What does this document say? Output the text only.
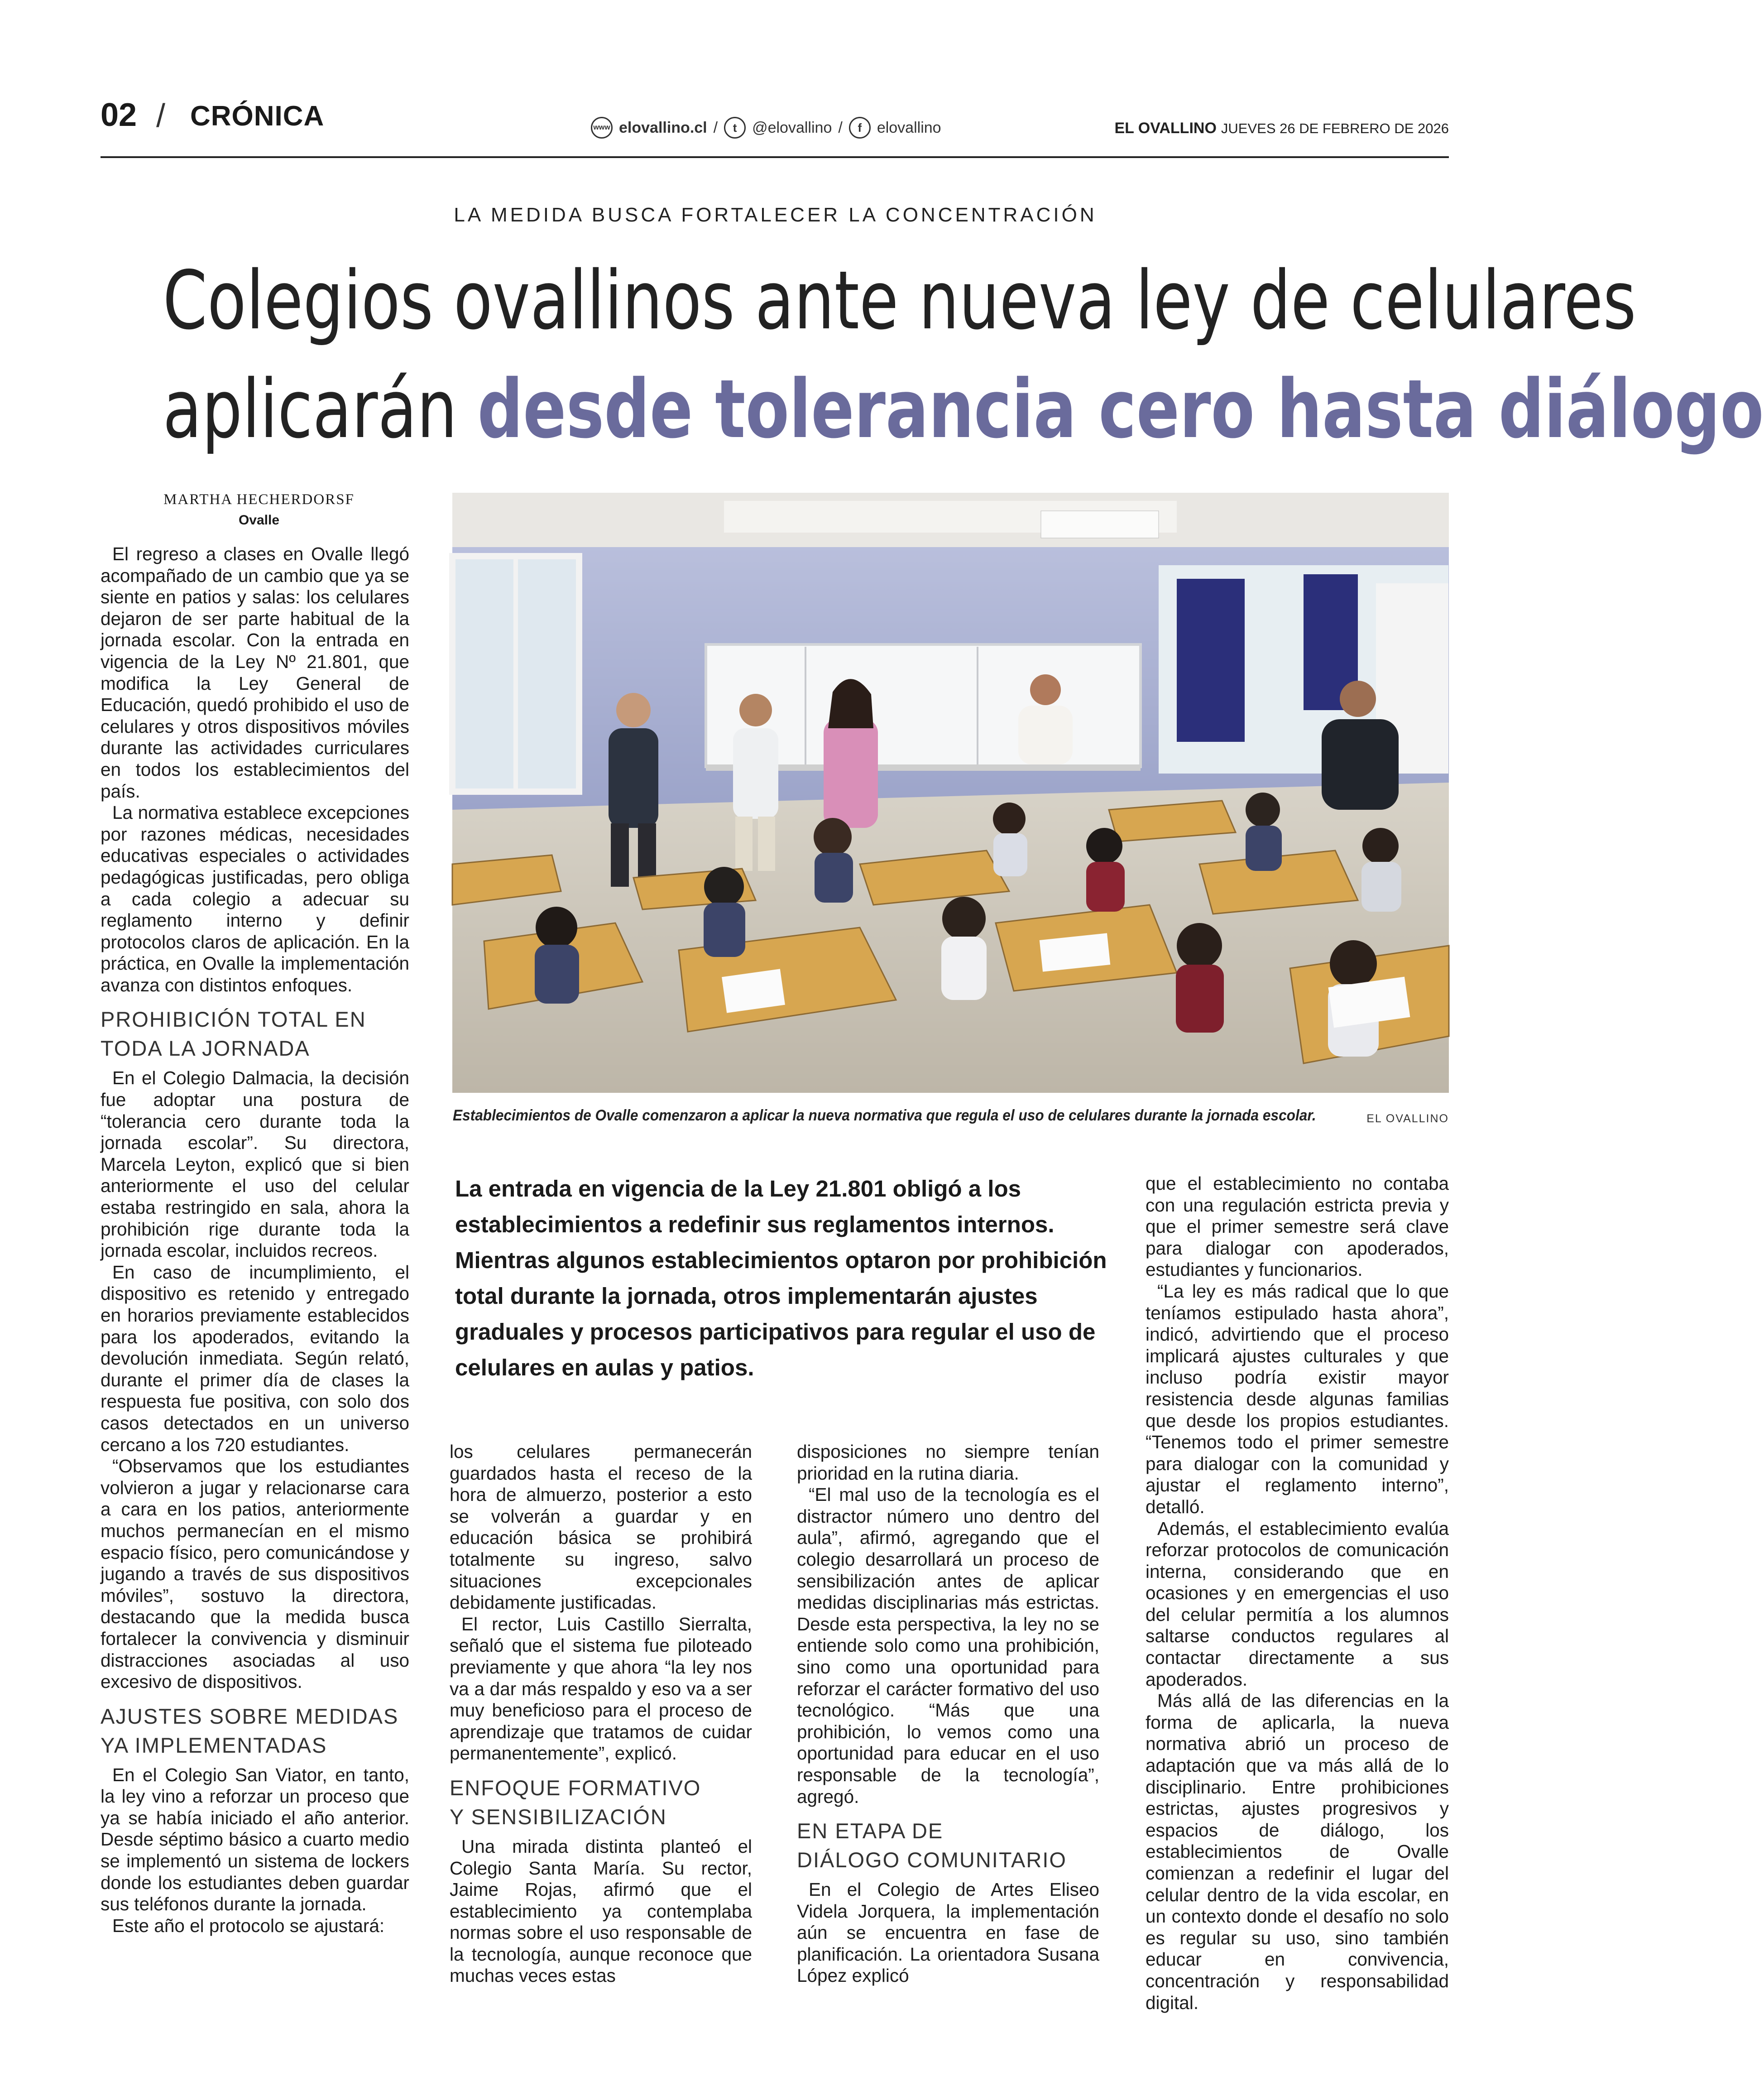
02 / CRÓNICA	www elovallino.cl /	t @elovallino /	f elovallino	EL OVALLINO JUEVES 26 DE FEBRERO DE 2026
LA MEDIDA BUSCA FORTALECER LA CONCENTRACIÓN
Colegios ovallinos ante nueva ley de celulares
aplicarán desde tolerancia cero hasta diálogo
MARTHA HECHERDORSF
Ovalle
Establecimientos de Ovalle comenzaron a aplicar la nueva normativa que regula el uso de celulares durante la jornada escolar.	EL OVALLINO

El regreso a clases en Ovalle llegó acompañado de un cambio que ya se siente en patios y salas: los celulares dejaron de ser parte habitual de la jornada escolar. Con la entrada en vigencia de la Ley Nº 21.801, que modifica la Ley General de Educación, quedó prohibido el uso de celulares y otros dispositivos móviles durante las actividades curriculares en todos los establecimientos del país.

La normativa establece excepciones por razones médicas, necesidades educativas especiales o actividades pedagógicas justificadas, pero obliga a cada colegio a adecuar su reglamento interno y definir protocolos claros de aplicación. En la práctica, en Ovalle la implementación avanza con distintos enfoques.

PROHIBICIÓN TOTAL EN
TODA LA JORNADA

En el Colegio Dalmacia, la decisión fue adoptar una postura de “tolerancia cero durante toda la jornada escolar”. Su directora, Marcela Leyton, explicó que si bien anteriormente el uso del celular estaba restringido en sala, ahora la prohibición rige durante toda la jornada escolar, incluidos recreos.

En caso de incumplimiento, el dispositivo es retenido y entregado en horarios previamente establecidos para los apoderados, evitando la devolución inmediata. Según relató, durante el primer día de clases la respuesta fue positiva, con solo dos casos detectados en un universo cercano a los 720 estudiantes.

“Observamos que los estudiantes volvieron a jugar y relacionarse cara a cara en los patios, anteriormente muchos permanecían en el mismo espacio físico, pero comunicándose y jugando a través de sus dispositivos móviles”, sostuvo la directora, destacando que la medida busca fortalecer la convivencia y disminuir distracciones asociadas al uso excesivo de dispositivos.

AJUSTES SOBRE MEDIDAS
YA IMPLEMENTADAS

En el Colegio San Viator, en tanto, la ley vino a reforzar un proceso que ya se había iniciado el año anterior. Desde séptimo básico a cuarto medio se implementó un sistema de lockers donde los estudiantes deben guardar sus teléfonos durante la jornada.

Este año el protocolo se ajustará:

La entrada en vigencia de la Ley 21.801 obligó a los establecimientos a redefinir sus reglamentos internos. Mientras algunos establecimientos optaron por prohibición total durante la jornada, otros implementarán ajustes graduales y procesos participativos para regular el uso de celulares en aulas y patios.

los celulares permanecerán guardados hasta el receso de la hora de almuerzo, posterior a esto se volverán a guardar y en educación básica se prohibirá totalmente su ingreso, salvo situaciones excepcionales debidamente justificadas.

El rector, Luis Castillo Sierralta, señaló que el sistema fue piloteado previamente y que ahora “la ley nos va a dar más respaldo y eso va a ser muy beneficioso para el proceso de aprendizaje que tratamos de cuidar permanentemente”, explicó.

ENFOQUE FORMATIVO
Y SENSIBILIZACIÓN

Una mirada distinta planteó el Colegio Santa María. Su rector, Jaime Rojas, afirmó que el establecimiento ya contemplaba normas sobre el uso responsable de la tecnología, aunque reconoce que muchas veces estas

disposiciones no siempre tenían prioridad en la rutina diaria.

“El mal uso de la tecnología es el distractor número uno dentro del aula”, afirmó, agregando que el colegio desarrollará un proceso de sensibilización antes de aplicar medidas disciplinarias más estrictas. Desde esta perspectiva, la ley no se entiende solo como una prohibición, sino como una oportunidad para reforzar el carácter formativo del uso tecnológico. “Más que una prohibición, lo vemos como una oportunidad para educar en el uso responsable de la tecnología”, agregó.

EN ETAPA DE
DIÁLOGO COMUNITARIO

En el Colegio de Artes Eliseo Videla Jorquera, la implementación aún se encuentra en fase de planificación. La orientadora Susana López explicó

que el establecimiento no contaba con una regulación estricta previa y que el primer semestre será clave para dialogar con apoderados, estudiantes y funcionarios.

“La ley es más radical que lo que teníamos estipulado hasta ahora”, indicó, advirtiendo que el proceso implicará ajustes culturales y que incluso podría existir mayor resistencia desde algunas familias que desde los propios estudiantes. “Tenemos todo el primer semestre para dialogar con la comunidad y ajustar el reglamento interno”, detalló.

Además, el establecimiento evalúa reforzar protocolos de comunicación interna, considerando que en ocasiones y en emergencias el uso del celular permitía a los alumnos saltarse conductos regulares al contactar directamente a sus apoderados.

Más allá de las diferencias en la forma de aplicarla, la nueva normativa abrió un proceso de adaptación que va más allá de lo disciplinario. Entre prohibiciones estrictas, ajustes progresivos y espacios de diálogo, los establecimientos de Ovalle comienzan a redefinir el lugar del celular dentro de la vida escolar, en un contexto donde el desafío no solo es regular su uso, sino también educar en convivencia, concentración y responsabilidad digital.
